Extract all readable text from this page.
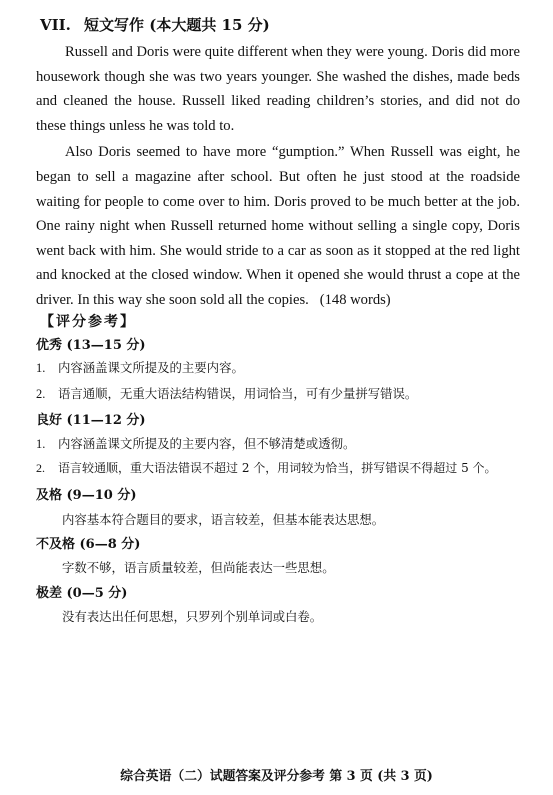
VII. 短文写作 (本大题共 15 分)

Russell and Doris were quite different when they were young. Doris did more housework though she was two years younger. She washed the dishes, made beds and cleaned the house. Russell liked reading children’s stories, and did not do these things unless he was told to.

Also Doris seemed to have more “gumption.” When Russell was eight, he began to sell a magazine after school. But often he just stood at the roadside waiting for people to come over to him. Doris proved to be much better at the job. One rainy night when Russell returned home without selling a single copy, Doris went back with him. She would stride to a car as soon as it stopped at the red light and knocked at the closed window. When it opened she would thrust a cope at the driver. In this way she soon sold all the copies. (148 words)

【评分参考】
优秀 (13—15 分)
1. 内容涵盖课文所提及的主要内容。
2. 语言通顺，无重大语法结构错误，用词恰当，可有少量拼写错误。
良好 (11—12 分)
1. 内容涵盖课文所提及的主要内容，但不够清楚或透彻。
2. 语言较通顺，重大语法错误不超过 2 个，用词较为恰当，拼写错误不得超过 5 个。
及格 (9—10 分)
内容基本符合题目的要求，语言较差，但基本能表达思想。
不及格 (6—8 分)
字数不够，语言质量较差，但尚能表达一些思想。
极差 (0—5 分)
没有表达出任何思想，只罗列个别单词或白卷。
综合英语（二）试题答案及评分参考 第 3 页 (共 3 页)
